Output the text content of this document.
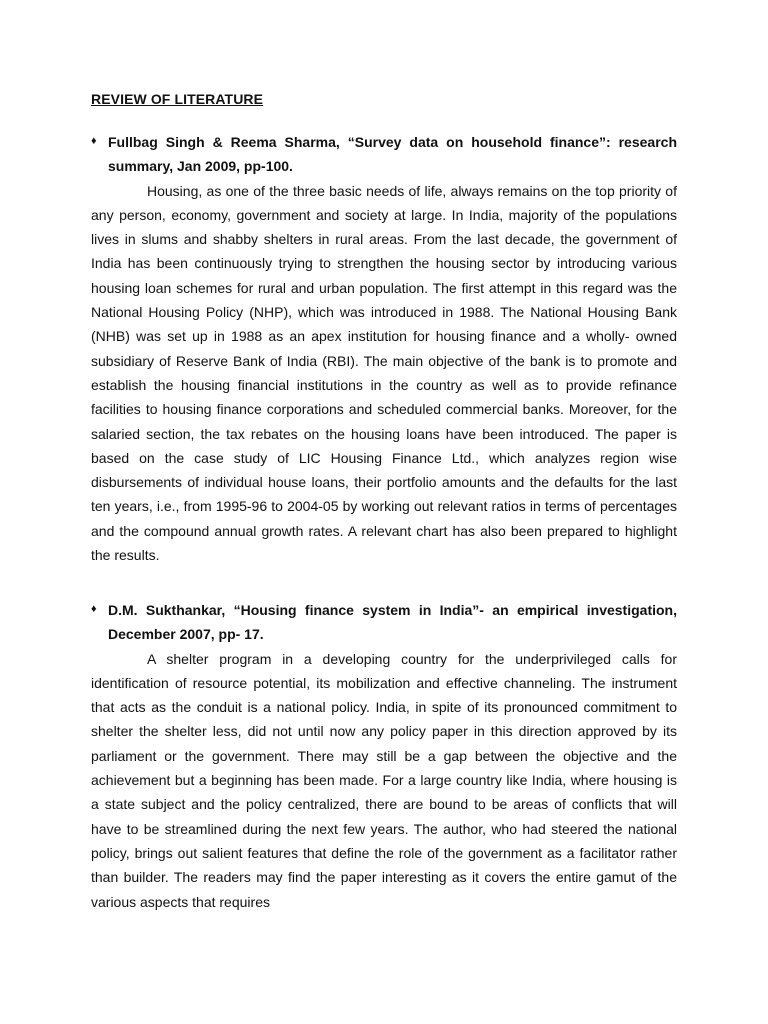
REVIEW OF LITERATURE
♦ Fullbag Singh & Reema Sharma, “Survey data on household finance”: research summary, Jan 2009, pp-100.

Housing, as one of the three basic needs of life, always remains on the top priority of any person, economy, government and society at large. In India, majority of the populations lives in slums and shabby shelters in rural areas. From the last decade, the government of India has been continuously trying to strengthen the housing sector by introducing various housing loan schemes for rural and urban population. The first attempt in this regard was the National Housing Policy (NHP), which was introduced in 1988. The National Housing Bank (NHB) was set up in 1988 as an apex institution for housing finance and a wholly- owned subsidiary of Reserve Bank of India (RBI). The main objective of the bank is to promote and establish the housing financial institutions in the country as well as to provide refinance facilities to housing finance corporations and scheduled commercial banks. Moreover, for the salaried section, the tax rebates on the housing loans have been introduced. The paper is based on the case study of LIC Housing Finance Ltd., which analyzes region wise disbursements of individual house loans, their portfolio amounts and the defaults for the last ten years, i.e., from 1995-96 to 2004-05 by working out relevant ratios in terms of percentages and the compound annual growth rates. A relevant chart has also been prepared to highlight the results.

♦ D.M. Sukthankar, “Housing finance system in India”- an empirical investigation, December 2007, pp- 17.

A shelter program in a developing country for the underprivileged calls for identification of resource potential, its mobilization and effective channeling. The instrument that acts as the conduit is a national policy. India, in spite of its pronounced commitment to shelter the shelter less, did not until now any policy paper in this direction approved by its parliament or the government. There may still be a gap between the objective and the achievement but a beginning has been made. For a large country like India, where housing is a state subject and the policy centralized, there are bound to be areas of conflicts that will have to be streamlined during the next few years. The author, who had steered the national policy, brings out salient features that define the role of the government as a facilitator rather than builder. The readers may find the paper interesting as it covers the entire gamut of the various aspects that requires
